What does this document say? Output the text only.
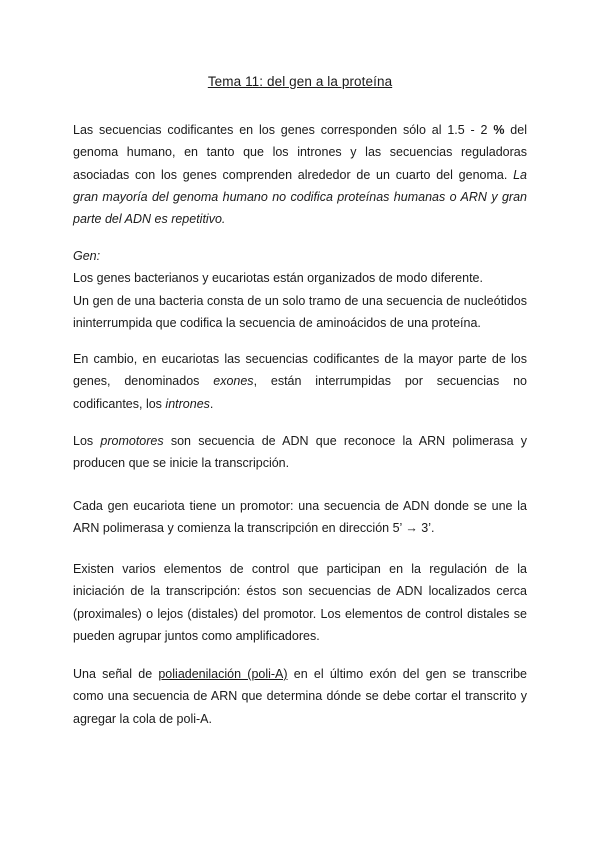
Tema 11: del gen a la proteína

Las secuencias codificantes en los genes corresponden sólo al 1.5 - 2 % del genoma humano, en tanto que los intrones y las secuencias reguladoras asociadas con los genes comprenden alrededor de un cuarto del genoma. La gran mayoría del genoma humano no codifica proteínas humanas o ARN y gran parte del ADN es repetitivo.

Gen:
Los genes bacterianos y eucariotas están organizados de modo diferente.

Un gen de una bacteria consta de un solo tramo de una secuencia de nucleótidos ininterrumpida que codifica la secuencia de aminoácidos de una proteína.

En cambio, en eucariotas las secuencias codificantes de la mayor parte de los genes, denominados exones, están interrumpidas por secuencias no codificantes, los intrones.

Los promotores son secuencia de ADN que reconoce la ARN polimerasa y producen que se inicie la transcripción.

Cada gen eucariota tiene un promotor: una secuencia de ADN donde se une la ARN polimerasa y comienza la transcripción en dirección 5’ → 3’.

Existen varios elementos de control que participan en la regulación de la iniciación de la transcripción: éstos son secuencias de ADN localizados cerca (proximales) o lejos (distales) del promotor. Los elementos de control distales se pueden agrupar juntos como amplificadores.

Una señal de poliadenilación (poli-A) en el último exón del gen se transcribe como una secuencia de ARN que determina dónde se debe cortar el transcrito y agregar la cola de poli-A.
